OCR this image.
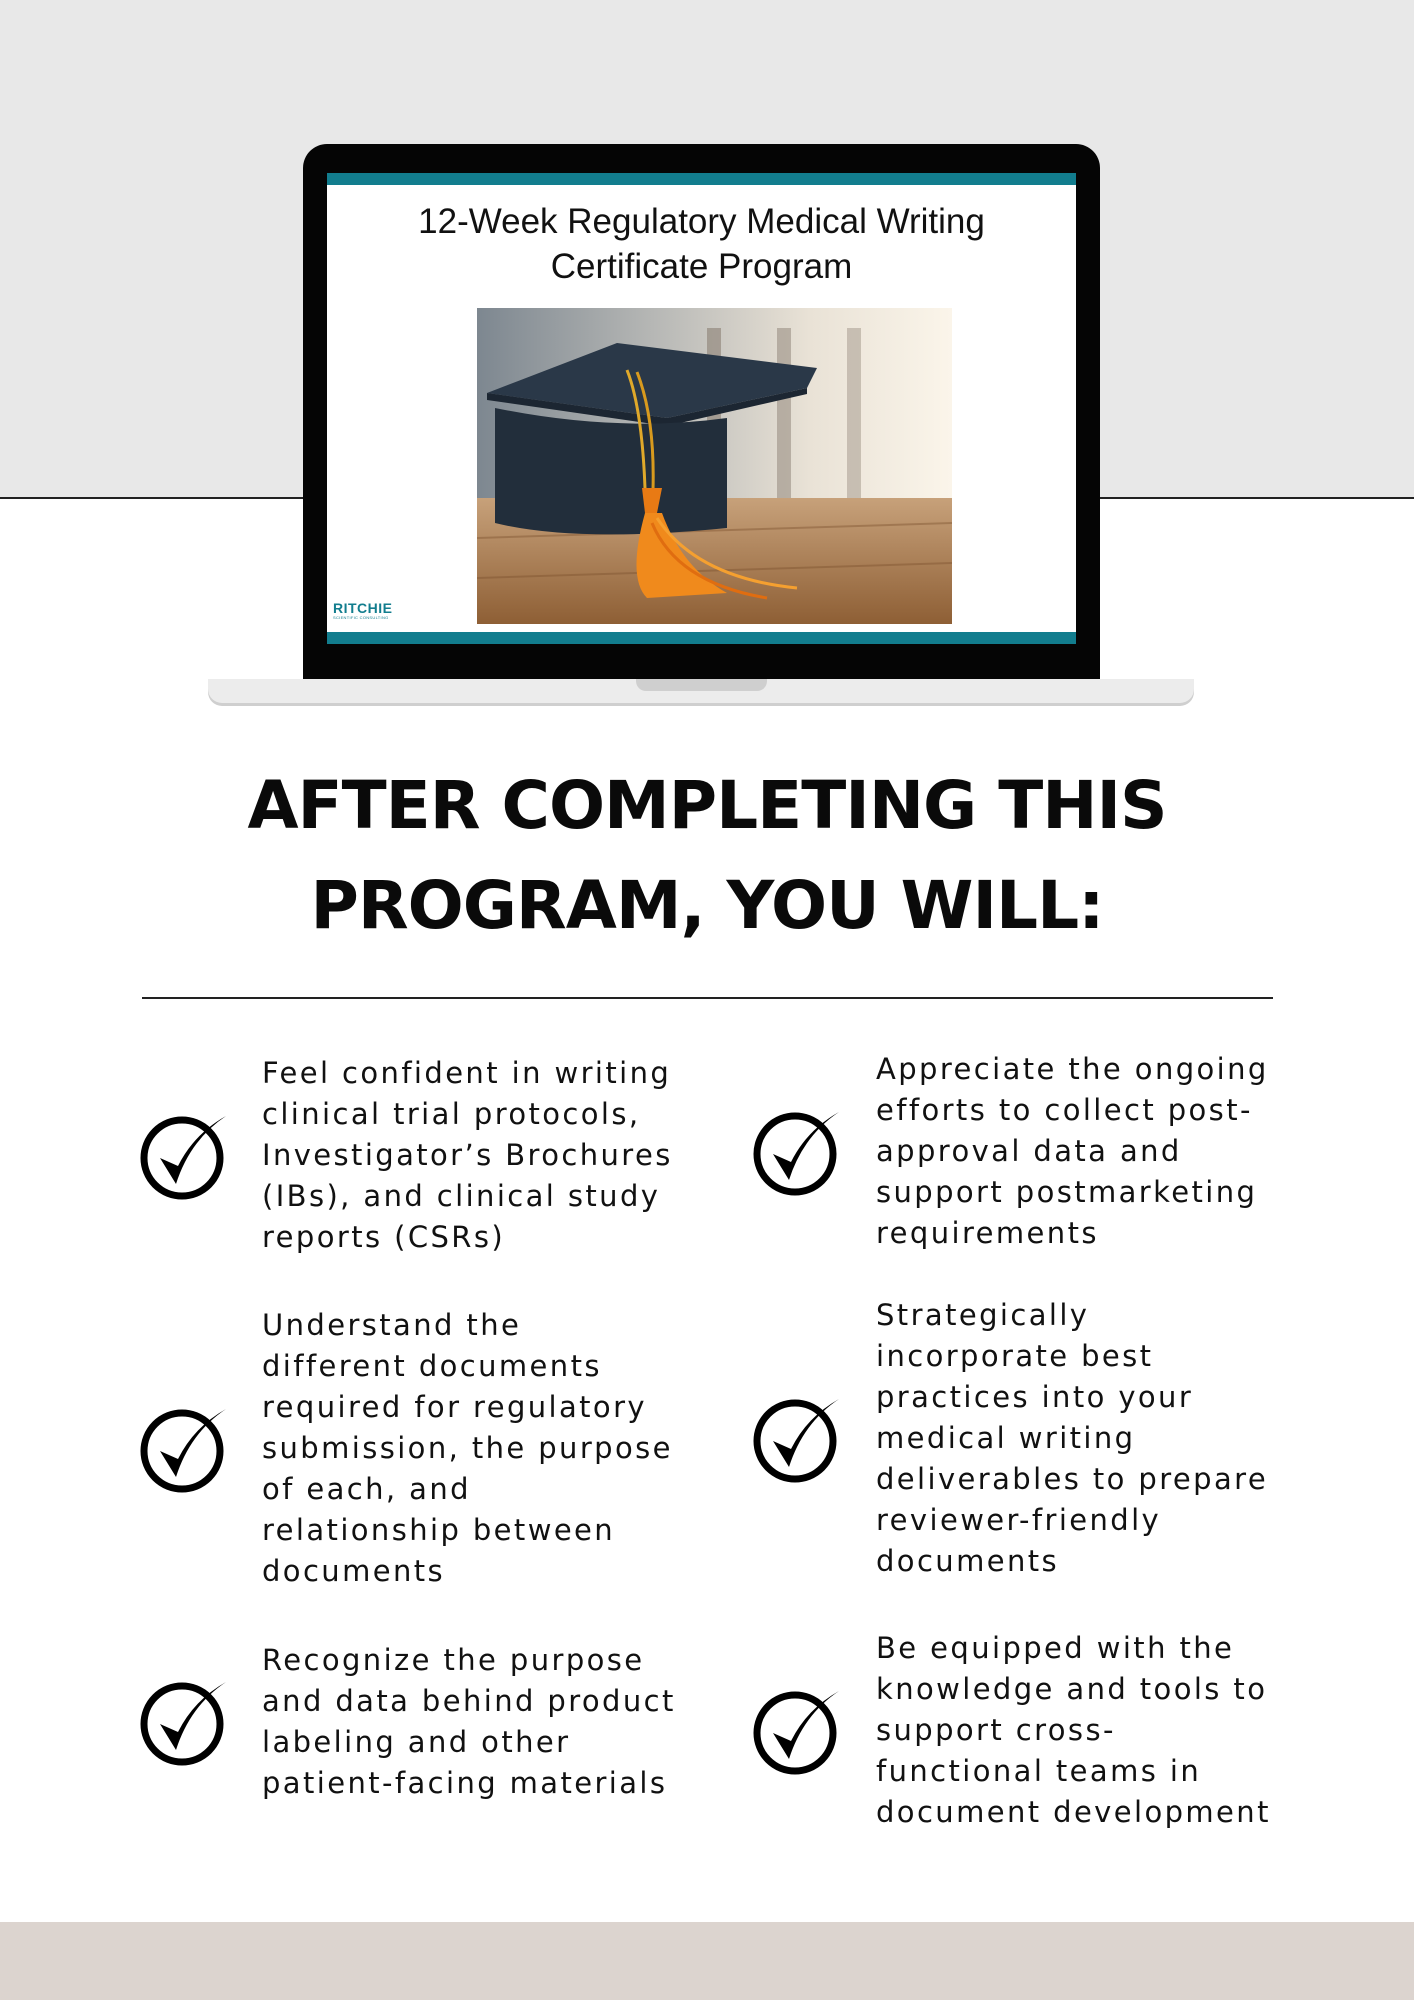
12-Week Regulatory Medical Writing
Certificate Program
RITCHIE
SCIENTIFIC CONSULTING
AFTER COMPLETING THIS
PROGRAM, YOU WILL:
Feel confident in writing
clinical trial protocols,
Investigator’s Brochures
(IBs), and clinical study
reports (CSRs)
Understand the
different documents
required for regulatory
submission, the purpose
of each, and
relationship between
documents
Recognize the purpose
and data behind product
labeling and other
patient-facing materials
Appreciate the ongoing
efforts to collect post-
approval data and
support postmarketing
requirements
Strategically
incorporate best
practices into your
medical writing
deliverables to prepare
reviewer-friendly
documents
Be equipped with the
knowledge and tools to
support cross-
functional teams in
document development
